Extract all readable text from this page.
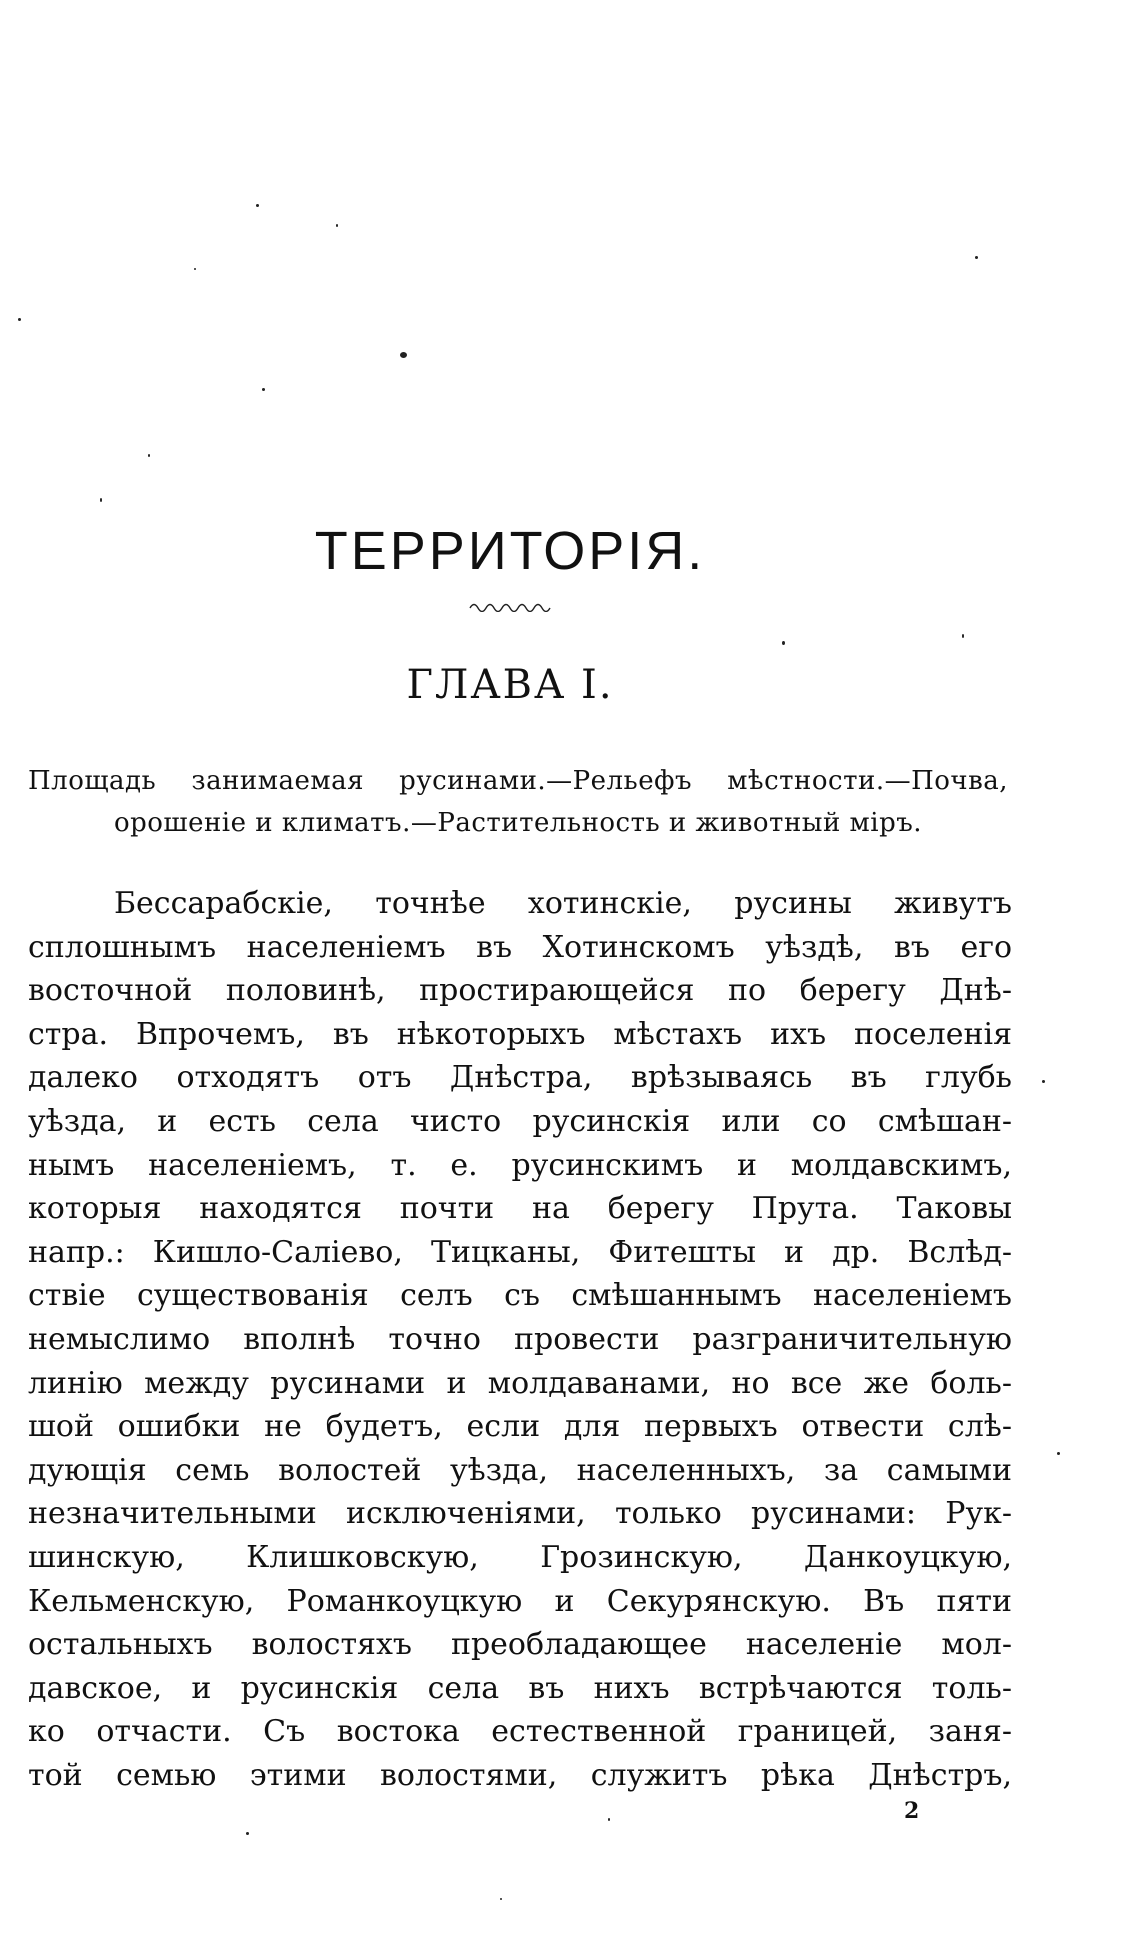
ТЕРРИТОРІЯ.
ГЛАВА I.
Площадь занимаемая русинами.—Рельефъ мѣстности.—Почва,
орошеніе и климатъ.—Растительность и животный міръ.
Бессарабскіе, точнѣе хотинскіе, русины живутъ
сплошнымъ населеніемъ въ Хотинскомъ уѣздѣ, въ его
восточной половинѣ, простирающейся по берегу Днѣ-
стра. Впрочемъ, въ нѣкоторыхъ мѣстахъ ихъ поселенія
далеко отходятъ отъ Днѣстра, врѣзываясь въ глубь
уѣзда, и есть села чисто русинскія или со смѣшан-
нымъ населеніемъ, т. е. русинскимъ и молдавскимъ,
которыя находятся почти на берегу Прута. Таковы
напр.: Кишло-Саліево, Тицканы, Фитешты и др. Вслѣд-
ствіе существованія селъ съ смѣшаннымъ населеніемъ
немыслимо вполнѣ точно провести разграничительную
линію между русинами и молдаванами, но все же боль-
шой ошибки не будетъ, если для первыхъ отвести слѣ-
дующія семь волостей уѣзда, населенныхъ, за самыми
незначительными исключеніями, только русинами: Рук-
шинскую, Клишковскую, Грозинскую, Данкоуцкую,
Кельменскую, Романкоуцкую и Секурянскую. Въ пяти
остальныхъ волостяхъ преобладающее населеніе мол-
давское, и русинскія села въ нихъ встрѣчаются толь-
ко отчасти. Съ востока естественной границей, заня-
той семью этими волостями, служитъ рѣка Днѣстръ,
2
